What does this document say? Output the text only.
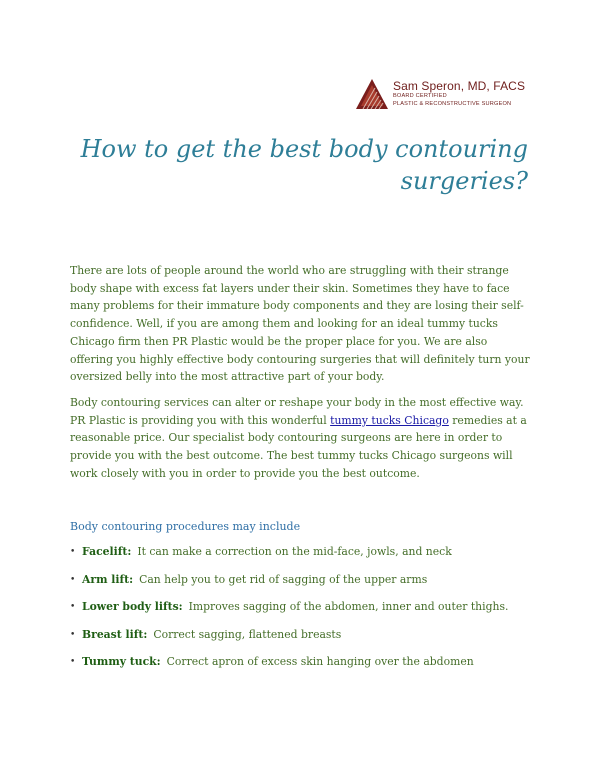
Sam Speron, MD, FACS
BOARD CERTIFIED
PLASTIC & RECONSTRUCTIVE SURGEON
How to get the best body contouring surgeries?

There are lots of people around the world who are struggling with their strange body shape with excess fat layers under their skin. Sometimes they have to face many problems for their immature body components and they are losing their self-confidence. Well, if you are among them and looking for an ideal tummy tucks Chicago firm then PR Plastic would be the proper place for you. We are also offering you highly effective body contouring surgeries that will definitely turn your oversized belly into the most attractive part of your body.

Body contouring services can alter or reshape your body in the most effective way. PR Plastic is providing you with this wonderful tummy tucks Chicago remedies at a reasonable price. Our specialist body contouring surgeons are here in order to provide you with the best outcome. The best tummy tucks Chicago surgeons will work closely with you in order to provide you the best outcome.

Body contouring procedures may include
• Facelift: It can make a correction on the mid-face, jowls, and neck
• Arm lift: Can help you to get rid of sagging of the upper arms
• Lower body lifts: Improves sagging of the abdomen, inner and outer thighs.
• Breast lift: Correct sagging, flattened breasts
• Tummy tuck: Correct apron of excess skin hanging over the abdomen
